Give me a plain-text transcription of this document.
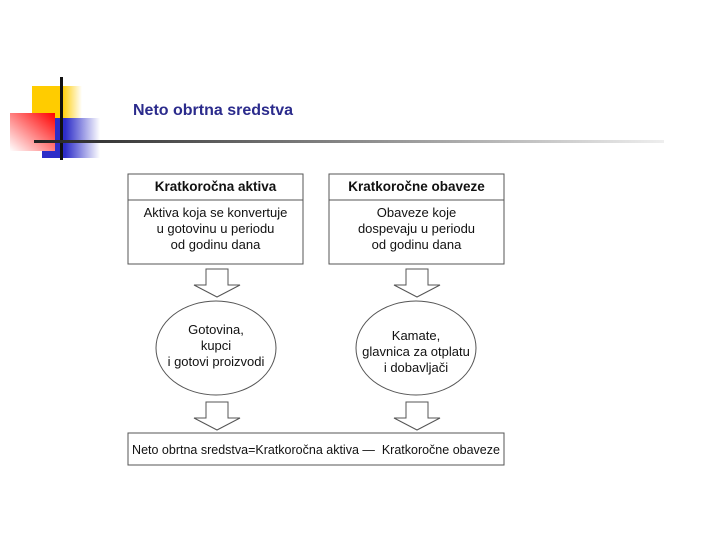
Neto obrtna sredstva
Kratkoročna aktiva
Aktiva koja se konvertuje
u gotovinu u periodu
od godinu dana
Kratkoročne obaveze
Obaveze koje
dospevaju u periodu
od godinu dana
Gotovina,
kupci
i gotovi proizvodi
Kamate,
glavnica za otplatu
i dobavljači
Neto obrtna sredstva=Kratkoročna aktiva —  Kratkoročne obaveze
